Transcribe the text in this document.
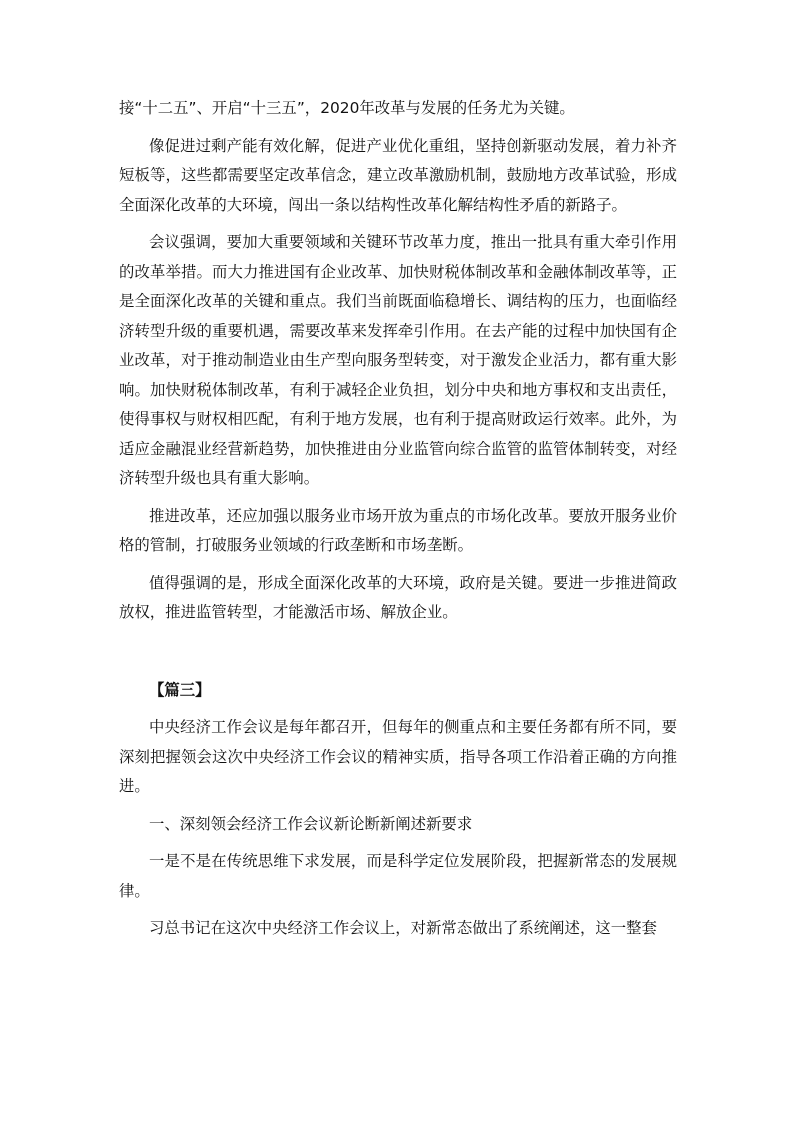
接“十二五”、开启“十三五”，2020年改革与发展的任务尤为关键。

像促进过剩产能有效化解，促进产业优化重组，坚持创新驱动发展，着力补齐短板等，这些都需要坚定改革信念，建立改革激励机制，鼓励地方改革试验，形成全面深化改革的大环境，闯出一条以结构性改革化解结构性矛盾的新路子。

会议强调，要加大重要领域和关键环节改革力度，推出一批具有重大牵引作用的改革举措。而大力推进国有企业改革、加快财税体制改革和金融体制改革等，正是全面深化改革的关键和重点。我们当前既面临稳增长、调结构的压力，也面临经济转型升级的重要机遇，需要改革来发挥牵引作用。在去产能的过程中加快国有企业改革，对于推动制造业由生产型向服务型转变，对于激发企业活力，都有重大影响。加快财税体制改革，有利于减轻企业负担，划分中央和地方事权和支出责任，使得事权与财权相匹配，有利于地方发展，也有利于提高财政运行效率。此外，为适应金融混业经营新趋势，加快推进由分业监管向综合监管的监管体制转变，对经济转型升级也具有重大影响。

推进改革，还应加强以服务业市场开放为重点的市场化改革。要放开服务业价格的管制，打破服务业领域的行政垄断和市场垄断。

值得强调的是，形成全面深化改革的大环境，政府是关键。要进一步推进简政放权，推进监管转型，才能激活市场、解放企业。

【篇三】

中央经济工作会议是每年都召开，但每年的侧重点和主要任务都有所不同，要深刻把握领会这次中央经济工作会议的精神实质，指导各项工作沿着正确的方向推进。

一、深刻领会经济工作会议新论断新阐述新要求

一是不是在传统思维下求发展，而是科学定位发展阶段，把握新常态的发展规律。

习总书记在这次中央经济工作会议上，对新常态做出了系统阐述，这一整套
